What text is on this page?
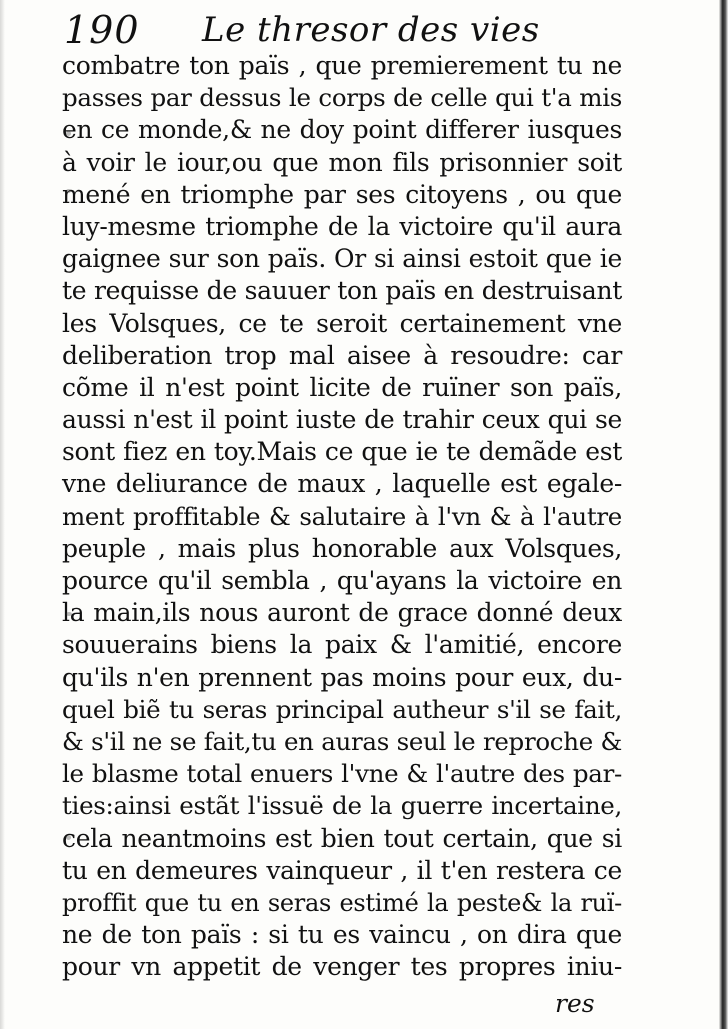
190 Le thresor des vies
combatre ton païs , que premierement tu ne
passes par dessus le corps de celle qui t'a mis
en ce monde,& ne doy point differer iusques
à voir le iour,ou que mon fils prisonnier soit
mené en triomphe par ses citoyens , ou que
luy-mesme triomphe de la victoire qu'il aura
gaignee sur son païs. Or si ainsi estoit que ie
te requisse de sauuer ton païs en destruisant
les Volsques, ce te seroit certainement vne
deliberation trop mal aisee à resoudre: car
cõme il n'est point licite de ruïner son païs,
aussi n'est il point iuste de trahir ceux qui se
sont fiez en toy.Mais ce que ie te demãde est
vne deliurance de maux , laquelle est egale-
ment proffitable & salutaire à l'vn & à l'autre
peuple , mais plus honorable aux Volsques,
pource qu'il sembla , qu'ayans la victoire en
la main,ils nous auront de grace donné deux
souuerains biens la paix & l'amitié, encore
qu'ils n'en prennent pas moins pour eux, du-
quel biẽ tu seras principal autheur s'il se fait,
& s'il ne se fait,tu en auras seul le reproche &
le blasme total enuers l'vne & l'autre des par-
ties:ainsi estãt l'issuë de la guerre incertaine,
cela neantmoins est bien tout certain, que si
tu en demeures vainqueur , il t'en restera ce
proffit que tu en seras estimé la peste& la ruï-
ne de ton païs : si tu es vaincu , on dira que
pour vn appetit de venger tes propres iniu-
res
